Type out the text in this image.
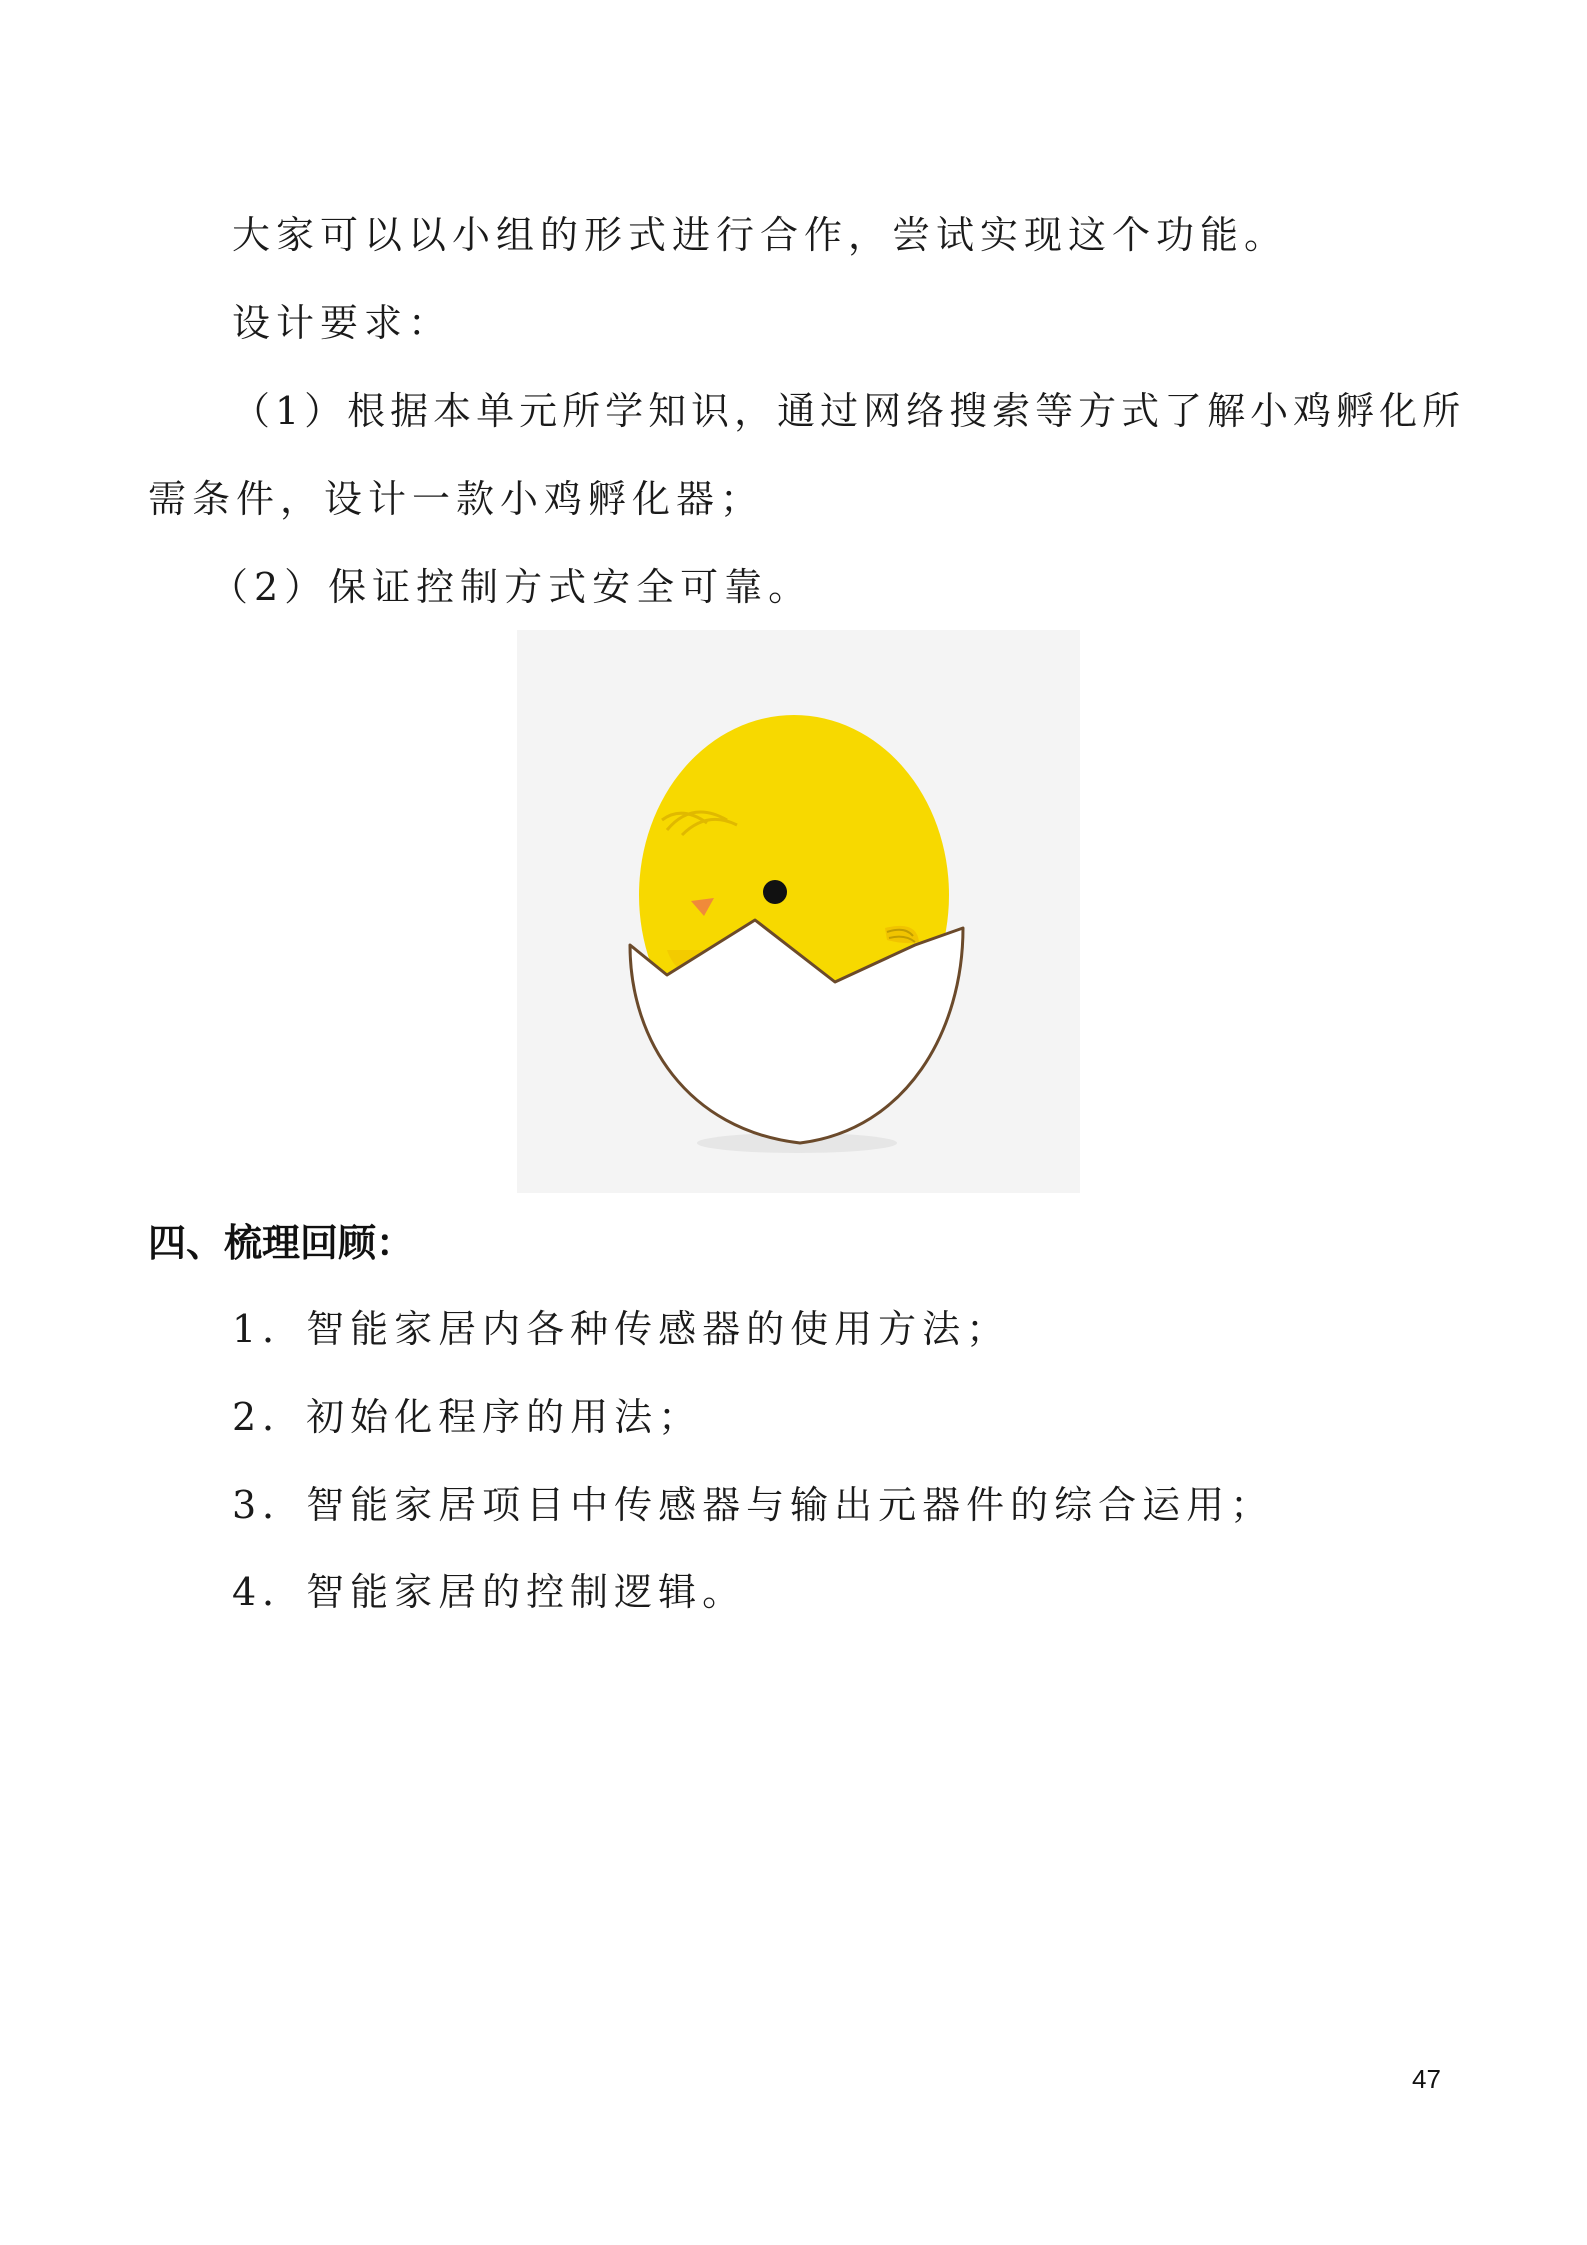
大家可以以小组的形式进行合作，尝试实现这个功能。
设计要求：
（1）根据本单元所学知识，通过网络搜索等方式了解小鸡孵化所
需条件，设计一款小鸡孵化器；
（2）保证控制方式安全可靠。
四、梳理回顾：
1．智能家居内各种传感器的使用方法；
2．初始化程序的用法；
3．智能家居项目中传感器与输出元器件的综合运用；
4．智能家居的控制逻辑。
47
